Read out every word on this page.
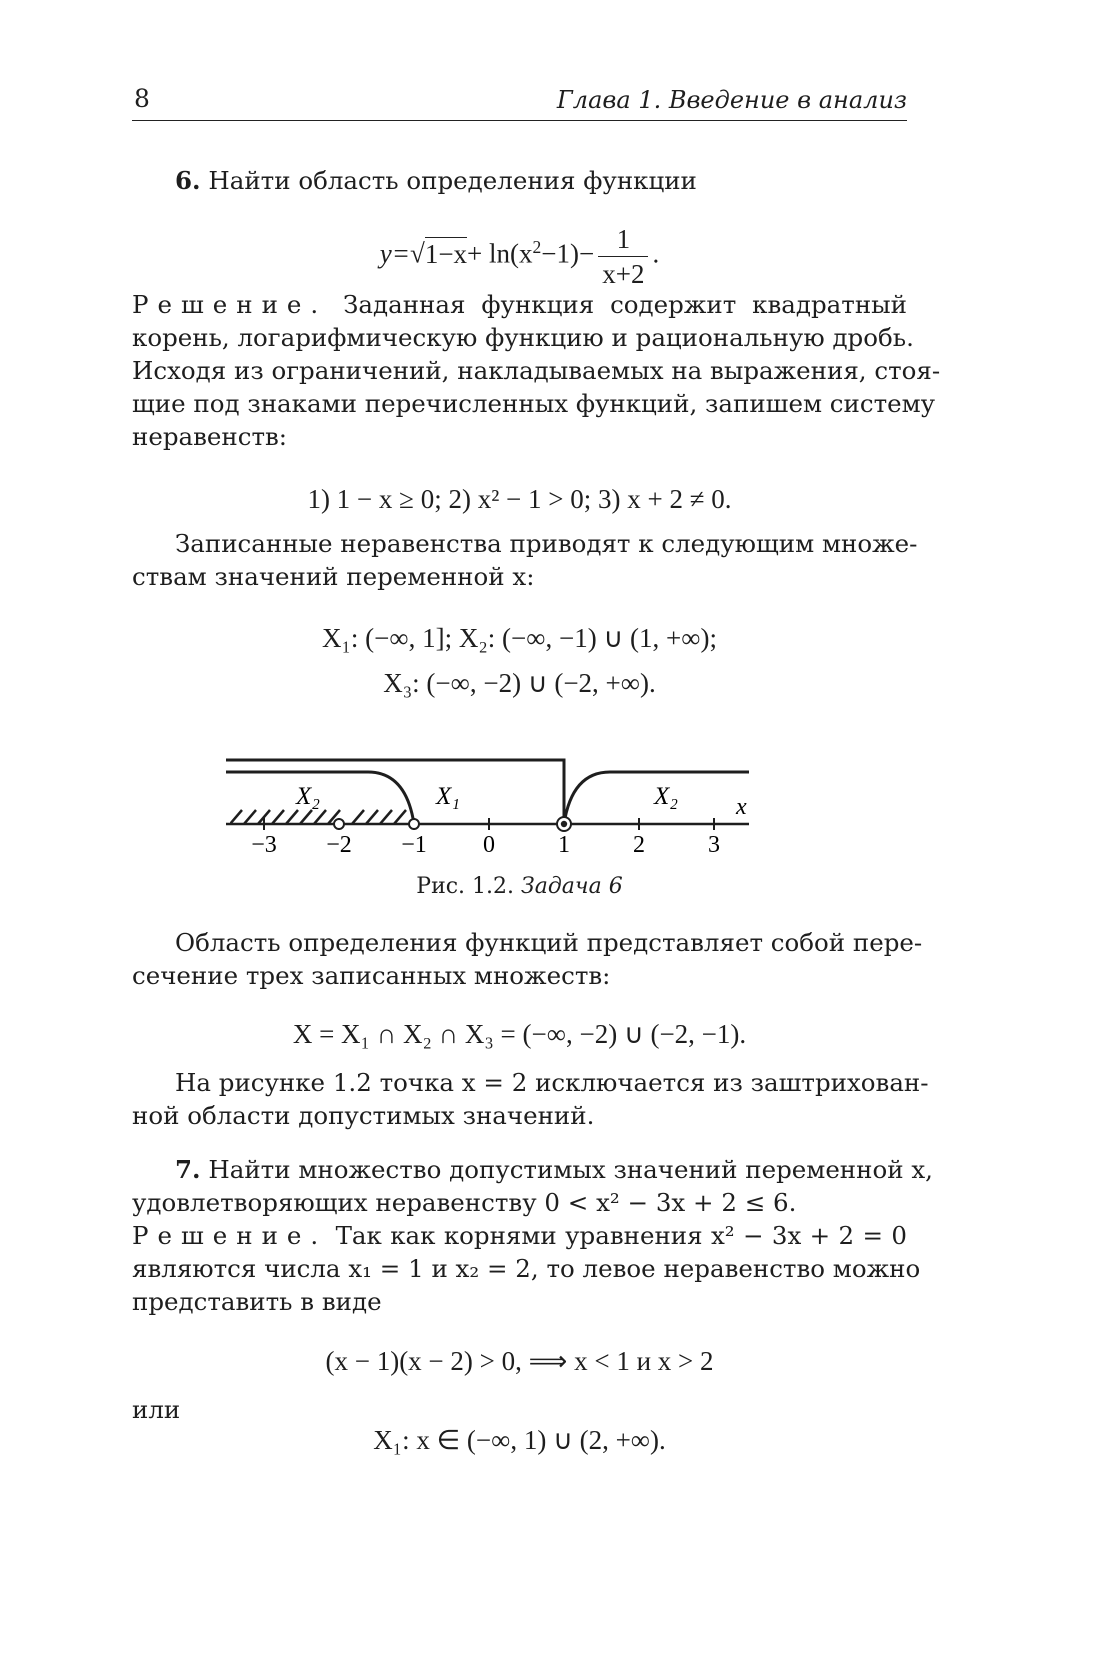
8	Глава 1. Введение в анализ
6. Найти область определения функции
$y=√1-x+ \ln(x^2-1)- \frac{1}{x+2}$ .
Решение. Заданная функция содержит квадратный
корень, логарифмическую функцию и рациональную дробь.
Исходя из ограничений, накладываемых на выражения, стоя-
щие под знаками перечисленных функций, запишем систему
неравенств:
1) 1 − x ≥ 0; 2) x² − 1 > 0; 3) x + 2 ≠ 0.
Записанные неравенства приводят к следующим множе-
ствам значений переменной x:
X₁: (−∞, 1]; X₂: (−∞, −1) ∪ (1, +∞);
X₃: (−∞, −2) ∪ (−2, +∞).
X₂	X₁	X₂ x
−3 −2 −1 0	1	2	3
Рис. 1.2. Задача 6
Область определения функций представляет собой пере-
сечение трех записанных множеств:
X = X₁ ∩ X₂ ∩ X₃ = (−∞, −2) ∪ (−2, −1).
На рисунке 1.2 точка x = 2 исключается из заштрихован-
ной области допустимых значений.
7. Найти множество допустимых значений переменной x,
удовлетворяющих неравенству 0 < x² − 3x + 2 ≤ 6.
Решение. Так как корнями уравнения x² − 3x + 2 = 0
являются числа x₁ = 1 и x₂ = 2, то левое неравенство можно
представить в виде
(x − 1)(x − 2) > 0, ⟹ x < 1 и x > 2
или
X₁: x ∈ (−∞, 1) ∪ (2, +∞).
